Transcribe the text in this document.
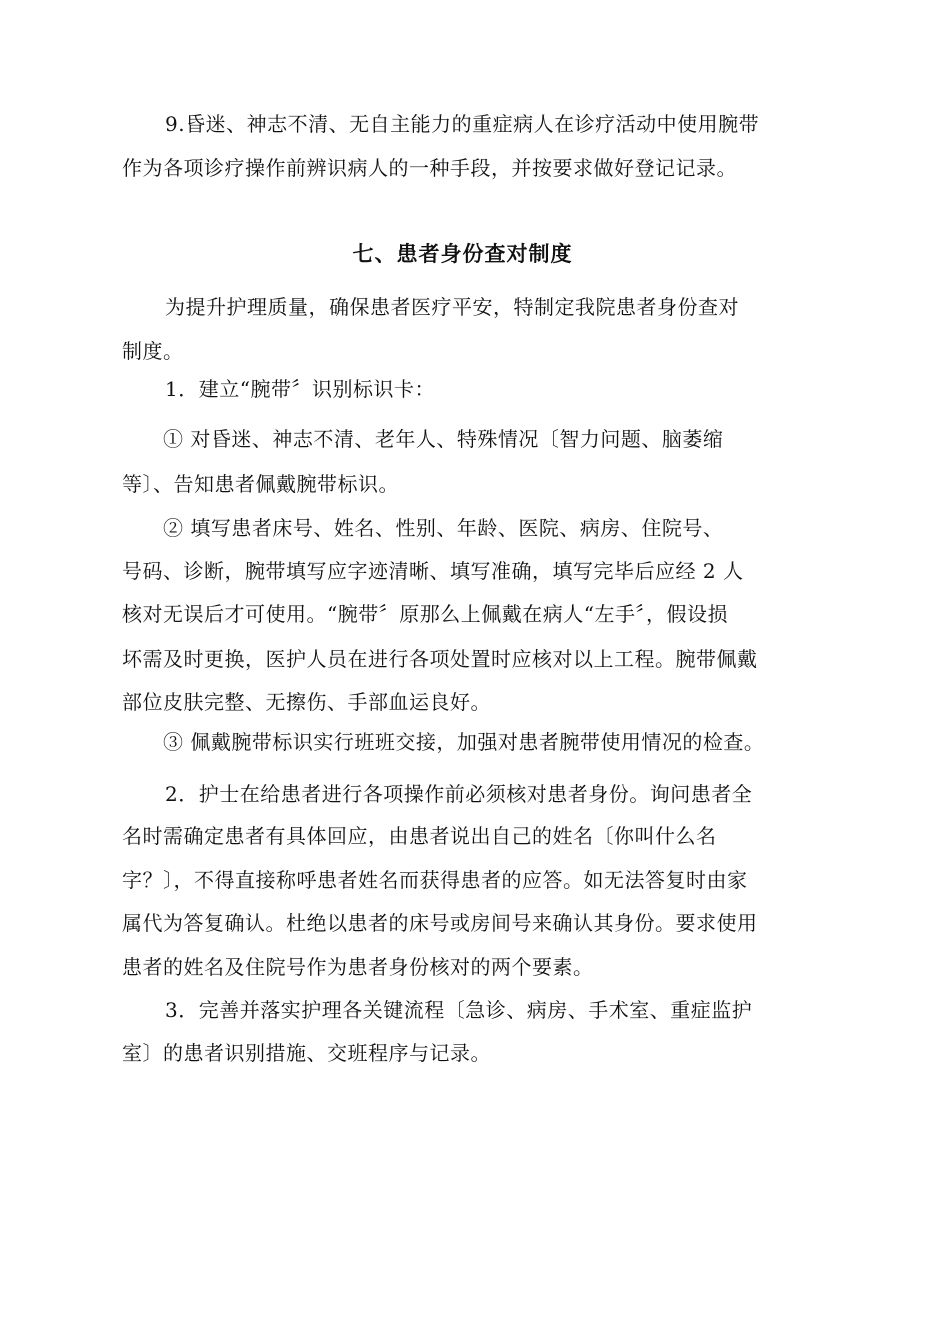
9.昏迷、神志不清、无自主能力的重症病人在诊疗活动中使用腕带
作为各项诊疗操作前辨识病人的一种手段，并按要求做好登记记录。
七、患者身份查对制度
为提升护理质量，确保患者医疗平安，特制定我院患者身份查对
制度。
1．建立“腕带〞识别标识卡：
① 对昏迷、神志不清、老年人、特殊情况〔智力问题、脑萎缩
等〕、告知患者佩戴腕带标识。
② 填写患者床号、姓名、性别、年龄、医院、病房、住院号、
号码、诊断，腕带填写应字迹清晰、填写准确，填写完毕后应经 2 人
核对无误后才可使用。“腕带〞原那么上佩戴在病人“左手〞，假设损
坏需及时更换，医护人员在进行各项处置时应核对以上工程。腕带佩戴
部位皮肤完整、无擦伤、手部血运良好。
③ 佩戴腕带标识实行班班交接，加强对患者腕带使用情况的检查。
2．护士在给患者进行各项操作前必须核对患者身份。询问患者全
名时需确定患者有具体回应，由患者说出自己的姓名〔你叫什么名
字？〕，不得直接称呼患者姓名而获得患者的应答。如无法答复时由家
属代为答复确认。杜绝以患者的床号或房间号来确认其身份。要求使用
患者的姓名及住院号作为患者身份核对的两个要素。
3．完善并落实护理各关键流程〔急诊、病房、手术室、重症监护
室〕的患者识别措施、交班程序与记录。
